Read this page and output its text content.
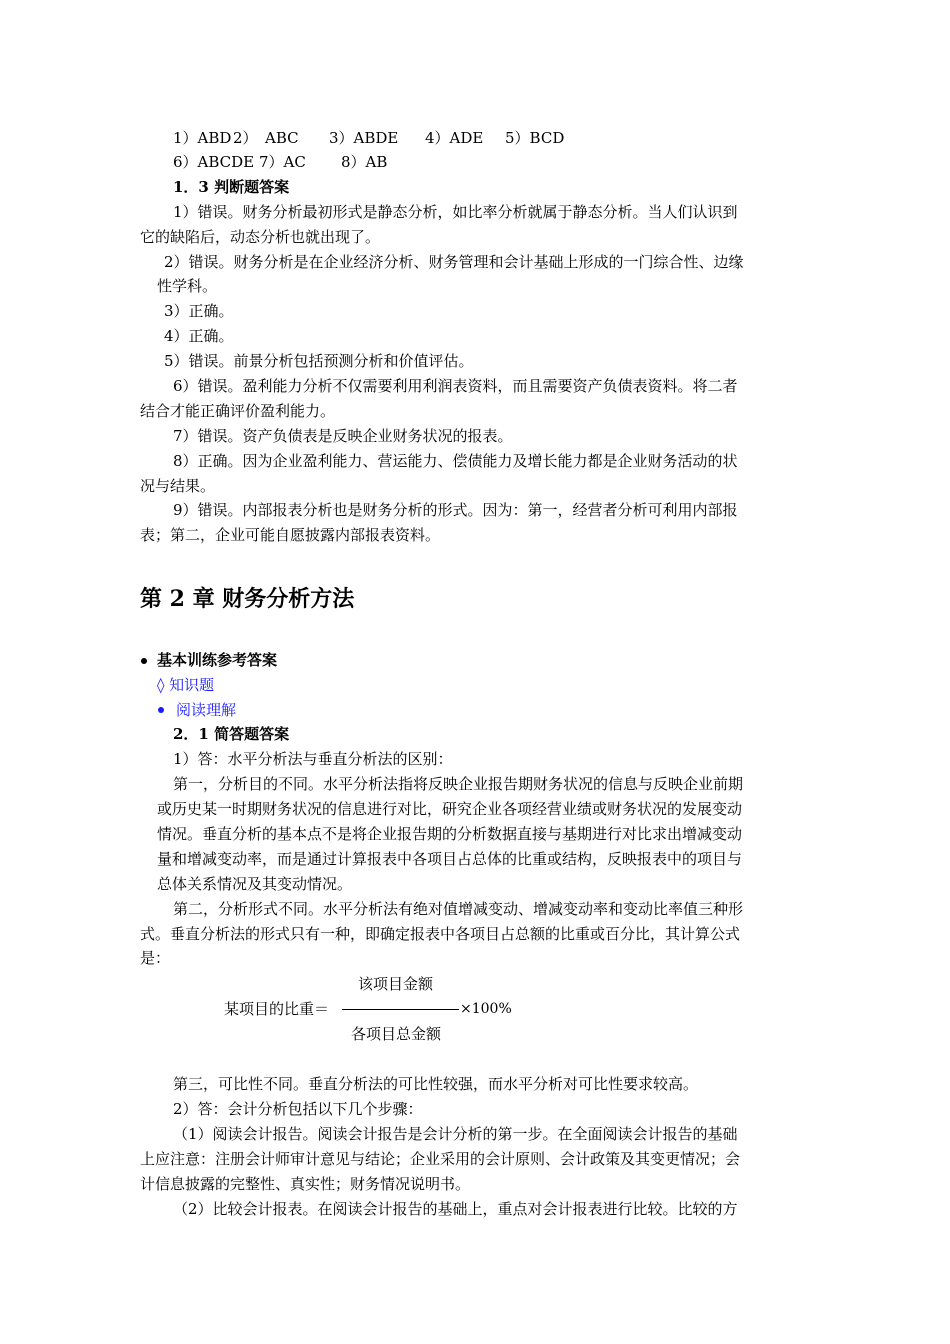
1）ABD 2）　ABC 3）ABDE 4）ADE 5）BCD
6）ABCDE 7）AC 8）AB
1．3 判断题答案
1）错误。财务分析最初形式是静态分析，如比率分析就属于静态分析。当人们认识到
它的缺陷后，动态分析也就出现了。
2）错误。财务分析是在企业经济分析、财务管理和会计基础上形成的一门综合性、边缘
性学科。
3）正确。
4）正确。
5）错误。前景分析包括预测分析和价值评估。
6）错误。盈利能力分析不仅需要利用利润表资料，而且需要资产负债表资料。将二者
结合才能正确评价盈利能力。
7）错误。资产负债表是反映企业财务状况的报表。
8）正确。因为企业盈利能力、营运能力、偿债能力及增长能力都是企业财务活动的状
况与结果。
9）错误。内部报表分析也是财务分析的形式。因为：第一，经营者分析可利用内部报
表；第二，企业可能自愿披露内部报表资料。
第 2 章 财务分析方法
基本训练参考答案
◊ 知识题
阅读理解
2．1 简答题答案
1）答：水平分析法与垂直分析法的区别：
第一，分析目的不同。水平分析法指将反映企业报告期财务状况的信息与反映企业前期
或历史某一时期财务状况的信息进行对比，研究企业各项经营业绩或财务状况的发展变动
情况。垂直分析的基本点不是将企业报告期的分析数据直接与基期进行对比求出增减变动
量和增减变动率，而是通过计算报表中各项目占总体的比重或结构，反映报表中的项目与
总体关系情况及其变动情况。
第二，分析形式不同。水平分析法有绝对值增减变动、增减变动率和变动比率值三种形
式。垂直分析法的形式只有一种，即确定报表中各项目占总额的比重或百分比，其计算公式
是：
该项目金额
某项目的比重＝	×100%
各项目总金额
第三，可比性不同。垂直分析法的可比性较强，而水平分析对可比性要求较高。
2）答：会计分析包括以下几个步骤：
（1）阅读会计报告。阅读会计报告是会计分析的第一步。在全面阅读会计报告的基础
上应注意：注册会计师审计意见与结论；企业采用的会计原则、会计政策及其变更情况；会
计信息披露的完整性、真实性；财务情况说明书。
（2）比较会计报表。在阅读会计报告的基础上，重点对会计报表进行比较。比较的方
